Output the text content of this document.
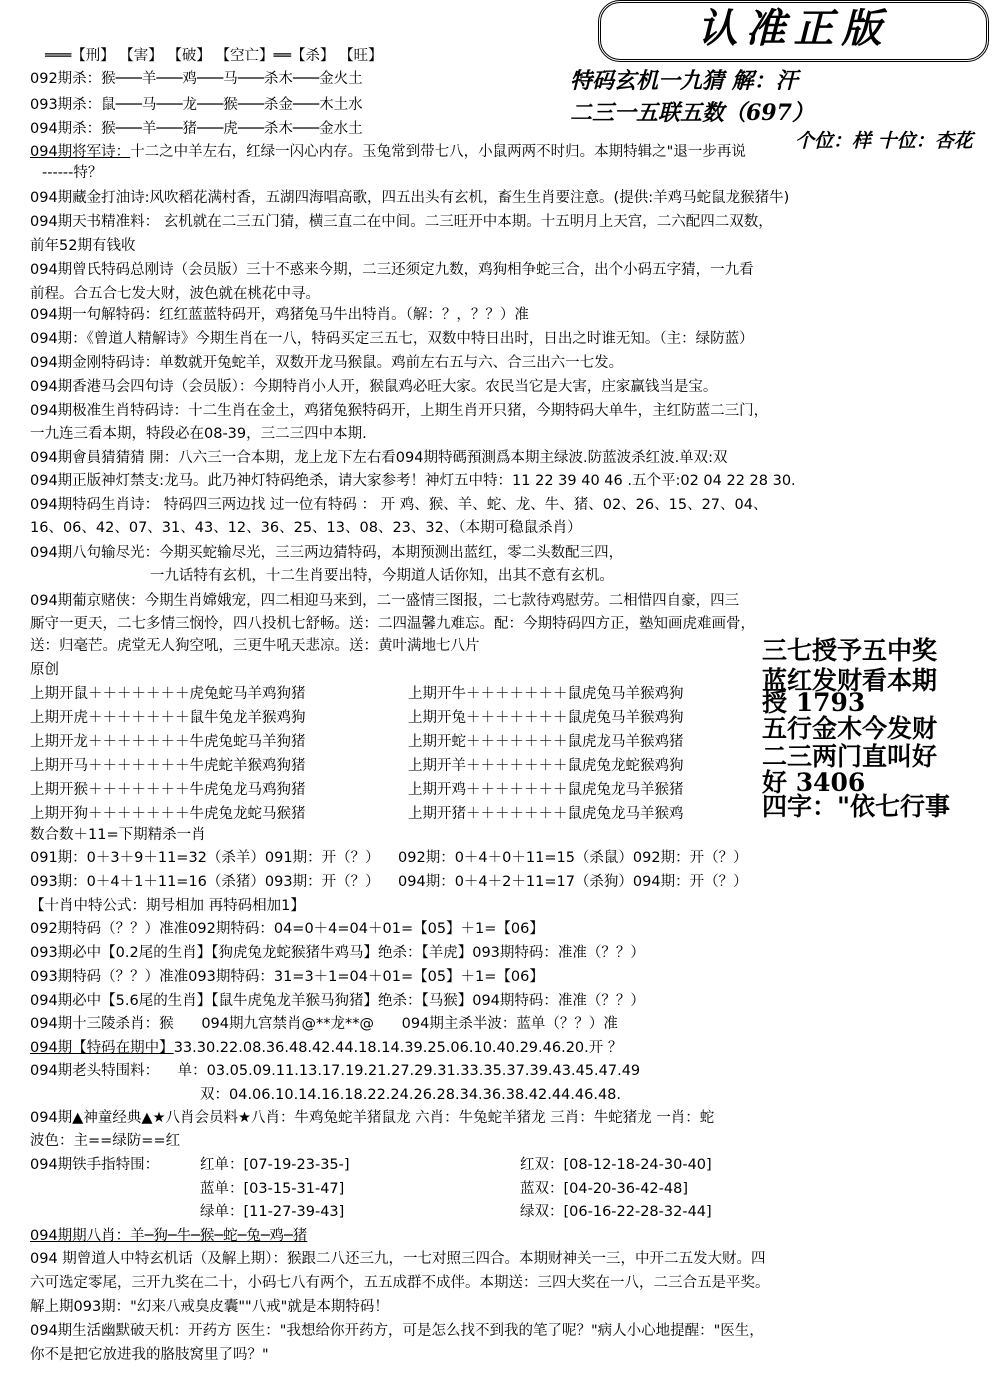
认准正版
特码玄机一九猜 解：汗
二三一五联五数（697）
个位：样 十位：杏花
═══【刑】 【害】 【破】 【空亡】══【杀】 【旺】
092期杀：猴───羊───鸡───马───杀木───金火土
093期杀：鼠───马───龙───猴───杀金───木土水
094期杀：猴───羊───猪───虎───杀木───金水土
094期将军诗：十二之中羊左右，红绿一闪心内存。玉兔常到带七八，小鼠两两不时归。本期特辑之"退一步再说
------特？
094期藏金打油诗:风吹稻花满村香，五湖四海唱高歌，四五出头有玄机，畜生生肖要注意。(提供:羊鸡马蛇鼠龙猴猪牛)
094期天书精准料： 玄机就在二三五门猜，横三直二在中间。二三旺开中本期。十五明月上天宫，二六配四二双数，
前年52期有钱收
094期曾氏特码总刚诗（会员版）三十不惑来今期，二三还须定九数，鸡狗相争蛇三合，出个小码五字猜，一九看
前程。合五合七发大财，波色就在桃花中寻。
094期一句解特码：红红蓝蓝特码开，鸡猪兔马牛出特肖。（解：？，？？）准
094期：《曾道人精解诗》今期生肖在一八，特码买定三五七，双数中特日出时，日出之时谁无知。（主：绿防蓝）
094期金刚特码诗：单数就开兔蛇羊，双数开龙马猴鼠。鸡前左右五与六、合三出六一七发。
094期香港马会四句诗（会员版）：今期特肖小人开，猴鼠鸡必旺大家。农民当它是大害，庄家赢钱当是宝。
094期极准生肖特码诗：十二生肖在金土，鸡猪兔猴特码开，上期生肖开只猪，今期特码大单牛，主红防蓝二三门，
一九连三看本期，特段必在08-39，三二三四中本期.
094期會員猜猜猜 開：八六三一合本期，龙上龙下左右看094期特碼預測爲本期主绿波.防蓝波杀红波.单双:双
094期正版神灯禁支:龙马。此乃神灯特码绝杀，请大家参考！神灯五中特：11 22 39 40 46 .五个平:02 04 22 28 30.
094期特码生肖诗： 特码四三两边找 过一位有特码 ： 开 鸡、猴、羊、蛇、龙、牛、猪、02、26、15、27、04、
16、06、42、07、31、43、12、36、25、13、08、23、32、（本期可稳鼠杀肖）
094期八句输尽光：今期买蛇输尽光，三三两边猜特码，本期预测出蓝红，零二头数配三四，
一九话特有玄机，十二生肖要出特，今期道人话你知，出其不意有玄机。
094期葡京赌侠：今期生肖嫦娥宠，四二相迎马来到，二一盛情三图报，二七款待鸡慰劳。二相惜四自豪，四三
厮守一更天，二七多情三悯怜，四八投机七舒畅。送：二四温馨九难忘。配：今期特码四方正，塾知画虎难画骨，
送：归毫芒。虎堂无人狗空吼，三更牛吼天悲凉。送：黄叶满地七八片
原创
上期开鼠＋＋＋＋＋＋＋虎兔蛇马羊鸡狗猪
上期开虎＋＋＋＋＋＋＋鼠牛兔龙羊猴鸡狗
上期开龙＋＋＋＋＋＋＋牛虎兔蛇马羊狗猪
上期开马＋＋＋＋＋＋＋牛虎蛇羊猴鸡狗猪
上期开猴＋＋＋＋＋＋＋牛虎兔龙马鸡狗猪
上期开狗＋＋＋＋＋＋＋牛虎兔龙蛇马猴猪
上期开牛＋＋＋＋＋＋＋鼠虎兔马羊猴鸡狗
上期开兔＋＋＋＋＋＋＋鼠虎兔马羊猴鸡狗
上期开蛇＋＋＋＋＋＋＋鼠虎龙马羊猴鸡猪
上期开羊＋＋＋＋＋＋＋鼠虎兔龙蛇猴鸡狗
上期开鸡＋＋＋＋＋＋＋鼠虎兔龙马羊猴猪
上期开猪＋＋＋＋＋＋＋鼠虎兔龙马羊猴鸡
三七授予五中奖
蓝红发财看本期
授 1793
五行金木今发财
二三两门直叫好
好 3406
四字："依七行事
数合数＋11=下期精杀一肖
091期：0＋3＋9＋11=32（杀羊）091期：开（？）    092期：0＋4＋0＋11=15（杀鼠）092期：开（？）
093期：0＋4＋1＋11=16（杀猪）093期：开（？）    094期：0＋4＋2＋11=17（杀狗）094期：开（？）
【十肖中特公式：期号相加 再特码相加1】
092期特码（？？）准准092期特码：04=0＋4=04＋01=【05】＋1=【06】
093期必中【0.2尾的生肖】【狗虎兔龙蛇猴猪牛鸡马】绝杀：【羊虎】093期特码：准准（？？）
093期特码（？？）准准093期特码：31=3＋1=04＋01=【05】＋1=【06】
094期必中【5.6尾的生肖】【鼠牛虎兔龙羊猴马狗猪】绝杀：【马猴】094期特码：准准（？？）
094期十三陵杀肖：猴      094期九宫禁肖@**龙**@      094期主杀半波：蓝单（？？）准
094期【特码在期中】33.30.22.08.36.48.42.44.18.14.39.25.06.10.40.29.46.20.开 ？
094期老头特围料： 单：03.05.09.11.13.17.19.21.27.29.31.33.35.37.39.43.45.47.49
双：04.06.10.14.16.18.22.24.26.28.34.36.38.42.44.46.48.
094期▲神童经典▲★八肖会员料★八肖：牛鸡兔蛇羊猪鼠龙 六肖：牛兔蛇羊猪龙 三肖：牛蛇猪龙 一肖：蛇
波色：主==绿防==红
094期铁手指特围：	红单：[07-19-23-35-]
蓝单：[03-15-31-47]
绿单：[11-27-39-43]
红双：[08-12-18-24-30-40]
蓝双：[04-20-36-42-48]
绿双：[06-16-22-28-32-44]
094期期八肖：羊─狗─牛─猴─蛇─兔─鸡─猪
094 期曾道人中特玄机话（及解上期）：猴跟二八还三九，一七对照三四合。本期财神关一三，中开二五发大财。四
六可选定零尾，三开九奖在二十，小码七八有两个，五五成群不成伴。本期送：三四大奖在一八，二三合五是平奖。
解上期093期："幻来八戒臭皮囊""八戒"就是本期特码！
094期生活幽默破天机：开药方 医生："我想给你开药方，可是怎么找不到我的笔了呢？"病人小心地提醒："医生，
你不是把它放进我的胳肢窝里了吗？"
